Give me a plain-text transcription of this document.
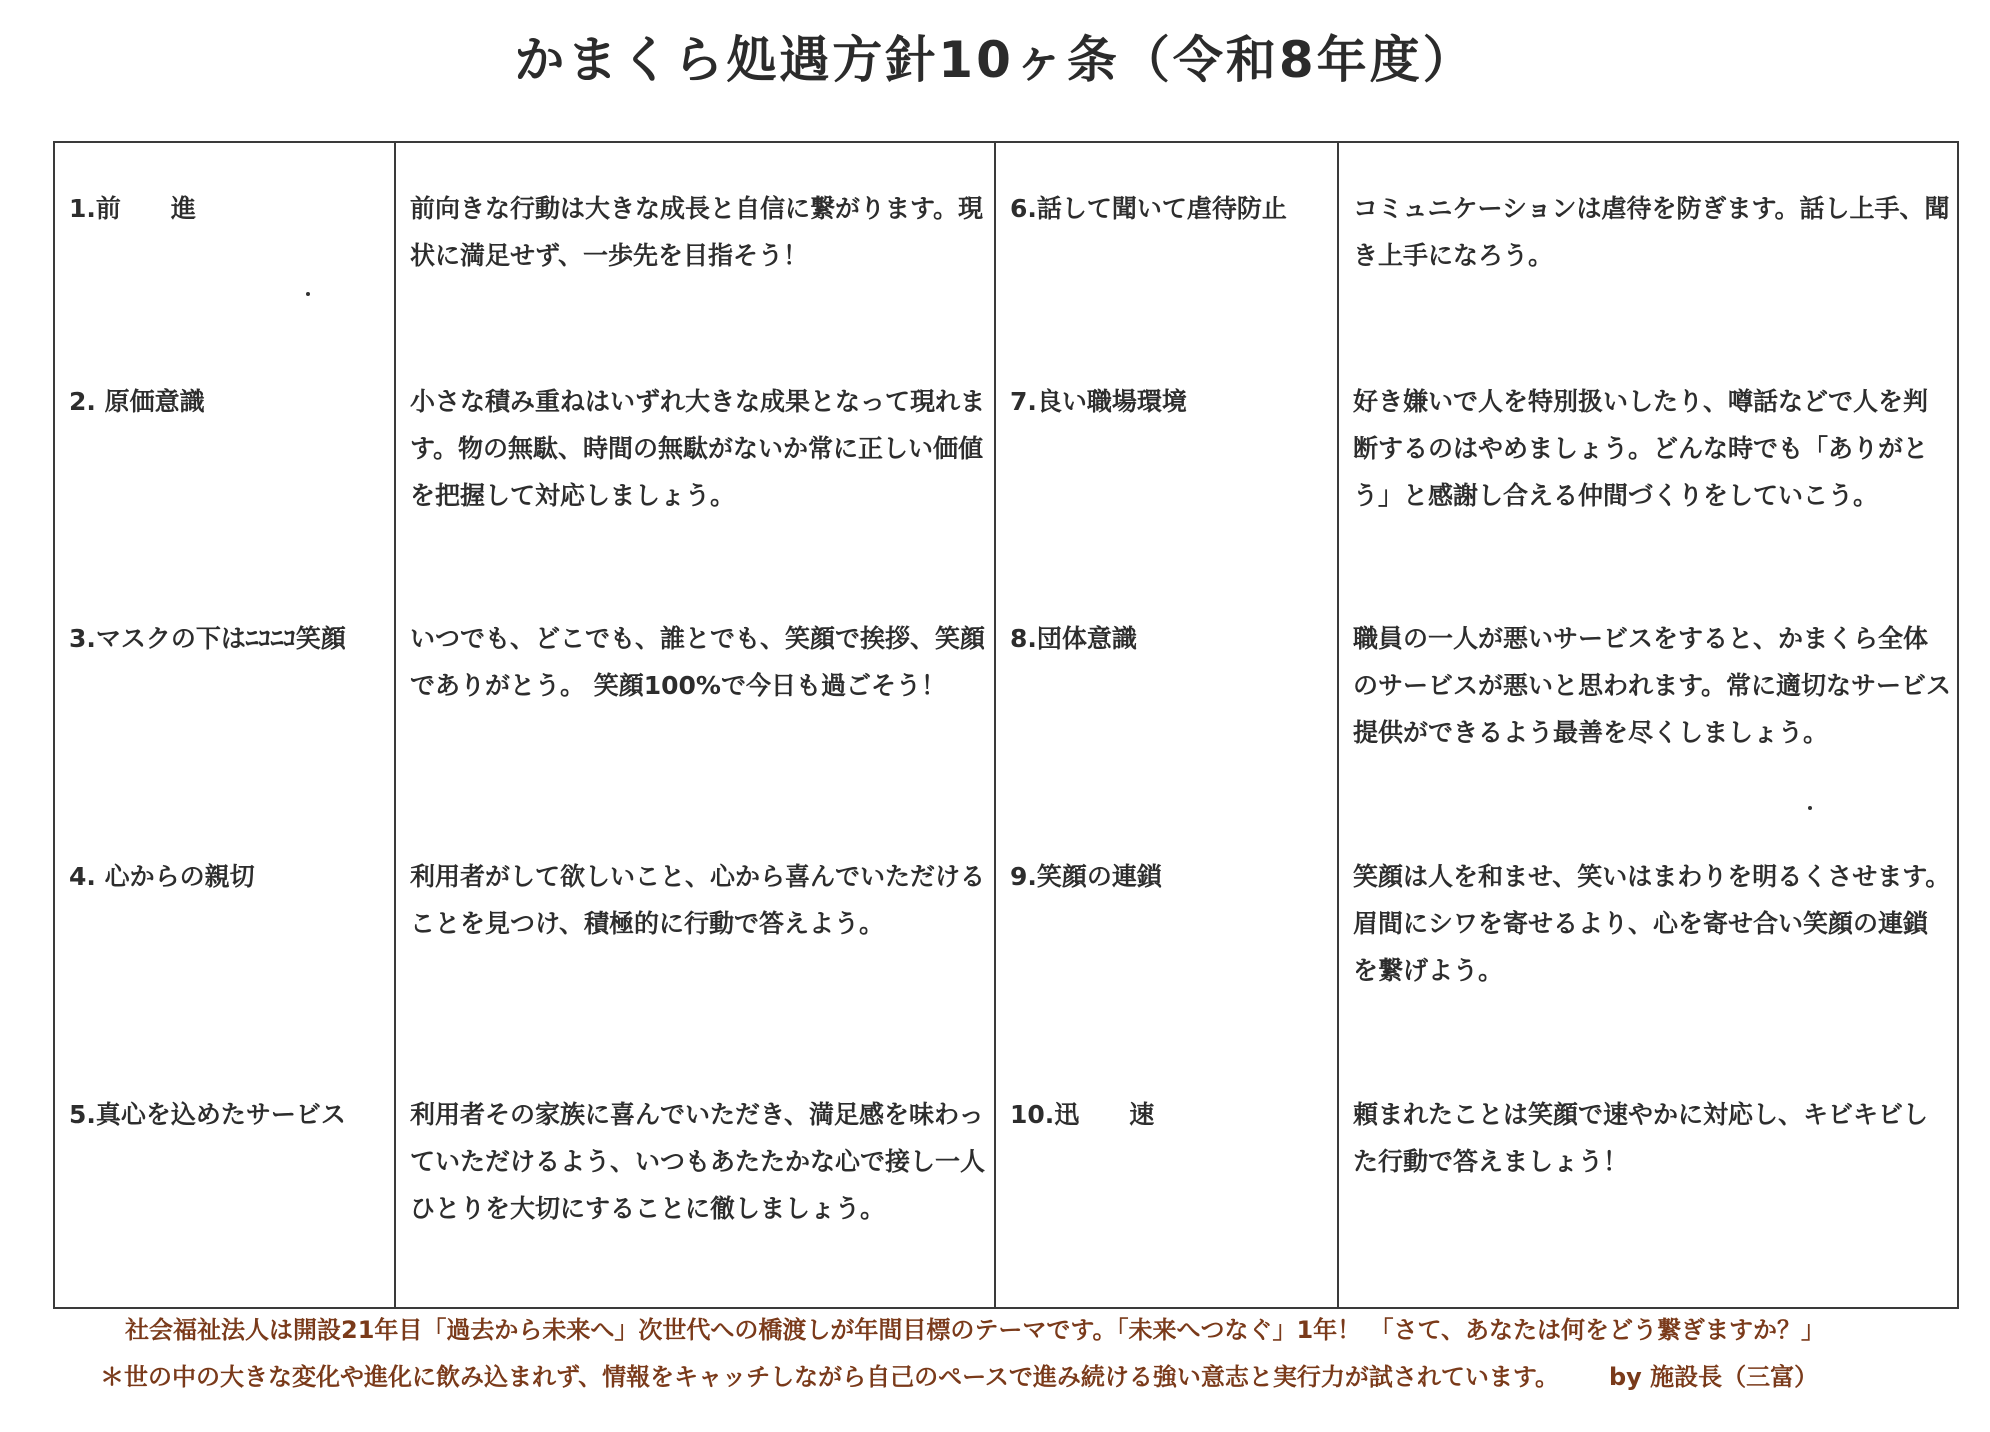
かまくら処遇方針10ヶ条（令和8年度）
1.前　　進
2. 原価意識
3.マスクの下はﾆｺﾆｺ笑顔
4. 心からの親切
5.真心を込めたサービス
前向きな行動は大きな成長と自信に繋がります。現状に満足せず、一歩先を目指そう！
小さな積み重ねはいずれ大きな成果となって現れます。物の無駄、時間の無駄がないか常に正しい価値を把握して対応しましょう。
いつでも、どこでも、誰とでも、笑顔で挨拶、笑顔でありがとう。 笑顔100%で今日も過ごそう！
利用者がして欲しいこと、心から喜んでいただけることを見つけ、積極的に行動で答えよう。
利用者その家族に喜んでいただき、満足感を味わっていただけるよう、いつもあたたかな心で接し一人ひとりを大切にすることに徹しましょう。
6.話して聞いて虐待防止
7.良い職場環境
8.団体意識
9.笑顔の連鎖
10.迅　　速
コミュニケーションは虐待を防ぎます。話し上手、聞き上手になろう。
好き嫌いで人を特別扱いしたり、噂話などで人を判断するのはやめましょう。どんな時でも「ありがとう」と感謝し合える仲間づくりをしていこう。
職員の一人が悪いサービスをすると、かまくら全体のサービスが悪いと思われます。常に適切なサービス提供ができるよう最善を尽くしましょう。
笑顔は人を和ませ、笑いはまわりを明るくさせます。眉間にシワを寄せるより、心を寄せ合い笑顔の連鎖を繋げよう。
頼まれたことは笑顔で速やかに対応し、キビキビした行動で答えましょう！
社会福祉法人は開設21年目「過去から未来へ」次世代への橋渡しが年間目標のテーマです。「未来へつなぐ」1年！ 「さて、あなたは何をどう繋ぎますか？」
＊世の中の大きな変化や進化に飲み込まれず、情報をキャッチしながら自己のペースで進み続ける強い意志と実行力が試されています。 by 施設長（三富）
